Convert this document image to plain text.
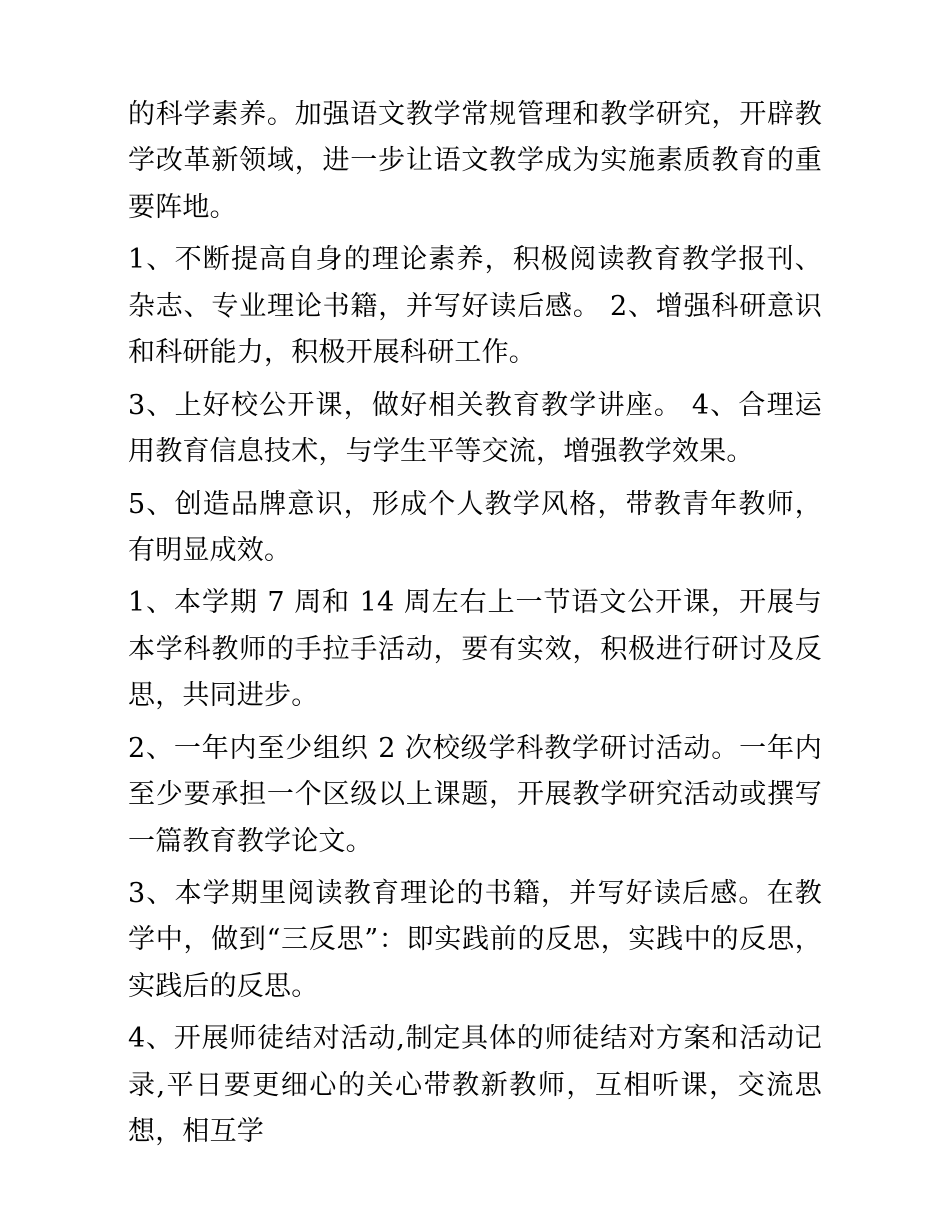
的科学素养。加强语文教学常规管理和教学研究，开辟教学改革新领域，进一步让语文教学成为实施素质教育的重要阵地。

1、不断提高自身的理论素养，积极阅读教育教学报刊、杂志、专业理论书籍，并写好读后感。 2、增强科研意识和科研能力，积极开展科研工作。

3、上好校公开课，做好相关教育教学讲座。 4、合理运用教育信息技术，与学生平等交流，增强教学效果。

5、创造品牌意识，形成个人教学风格，带教青年教师，有明显成效。

1、本学期 7 周和 14 周左右上一节语文公开课，开展与本学科教师的手拉手活动，要有实效，积极进行研讨及反思，共同进步。

2、一年内至少组织 2 次校级学科教学研讨活动。一年内至少要承担一个区级以上课题，开展教学研究活动或撰写一篇教育教学论文。

3、本学期里阅读教育理论的书籍，并写好读后感。在教学中，做到“三反思”：即实践前的反思，实践中的反思，实践后的反思。

4、开展师徒结对活动,制定具体的师徒结对方案和活动记录,平日要更细心的关心带教新教师，互相听课，交流思想，相互学
